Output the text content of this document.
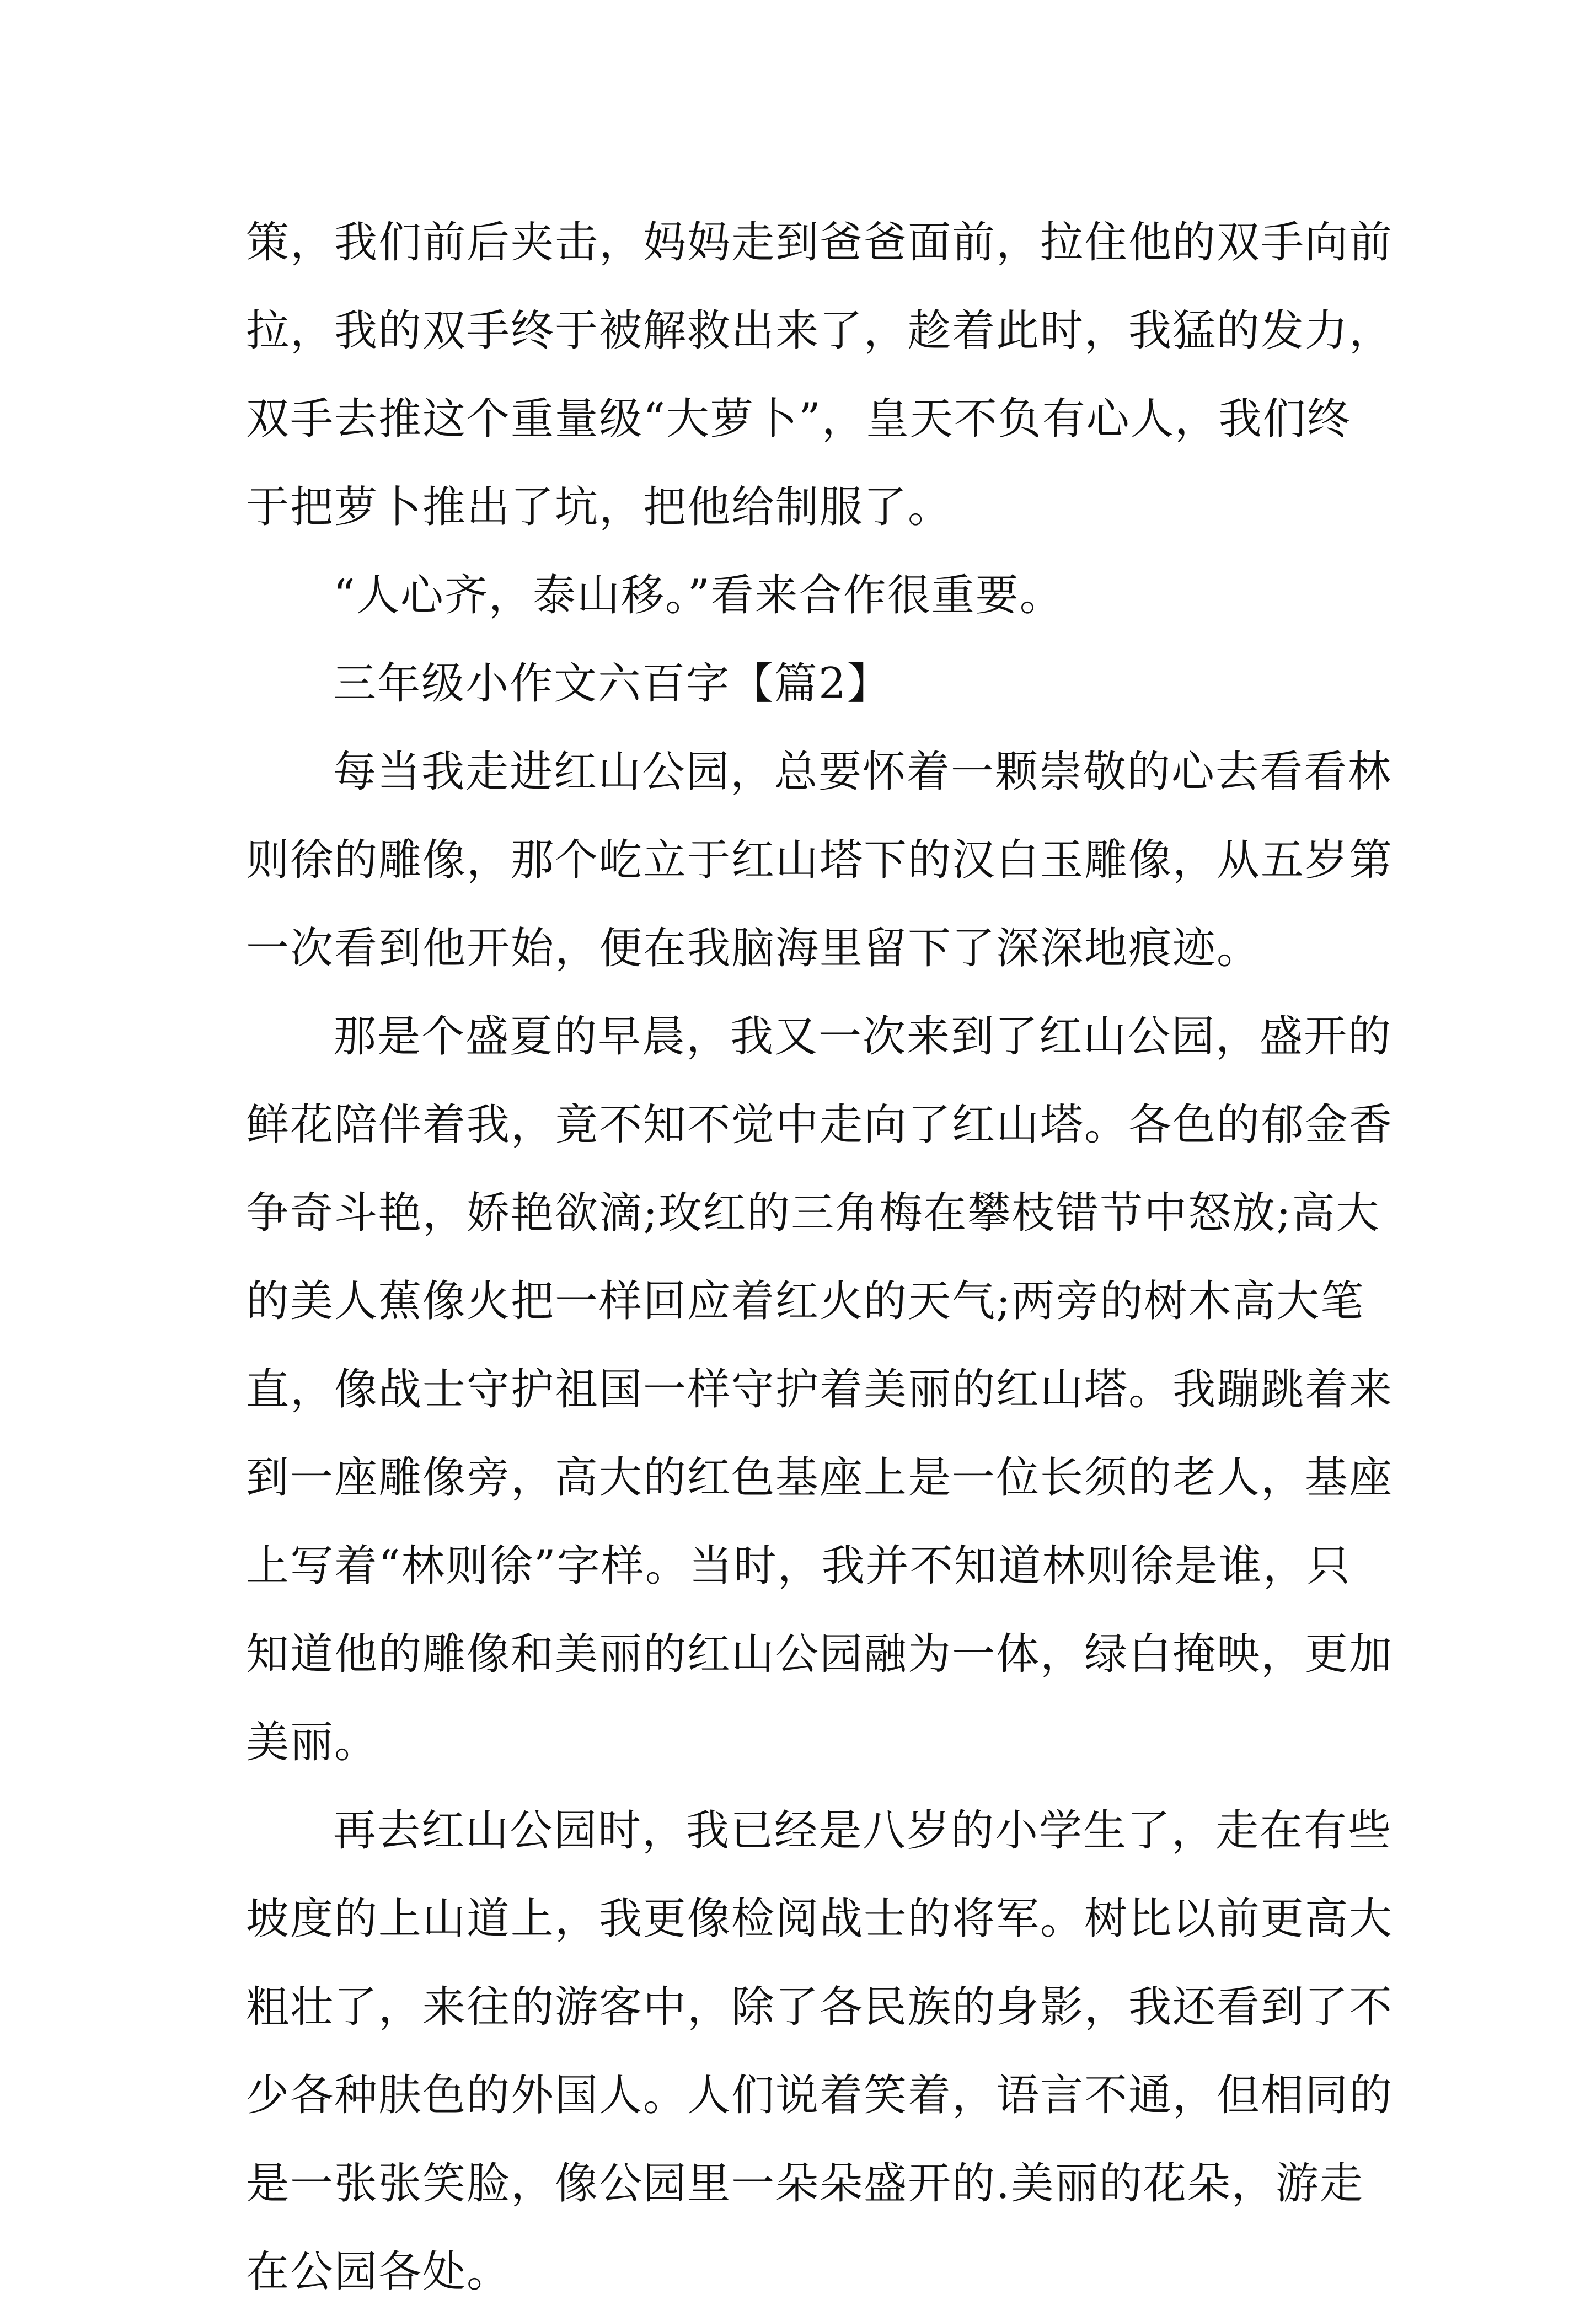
策，我们前后夹击，妈妈走到爸爸面前，拉住他的双手向前
拉，我的双手终于被解救出来了，趁着此时，我猛的发力，
双手去推这个重量级“大萝卜”，皇天不负有心人，我们终
于把萝卜推出了坑，把他给制服了。
“人心齐，泰山移。”看来合作很重要。
三年级小作文六百字【篇2】
每当我走进红山公园，总要怀着一颗崇敬的心去看看林
则徐的雕像，那个屹立于红山塔下的汉白玉雕像，从五岁第
一次看到他开始，便在我脑海里留下了深深地痕迹。
那是个盛夏的早晨，我又一次来到了红山公园，盛开的
鲜花陪伴着我，竟不知不觉中走向了红山塔。各色的郁金香
争奇斗艳，娇艳欲滴;玫红的三角梅在攀枝错节中怒放;高大
的美人蕉像火把一样回应着红火的天气;两旁的树木高大笔
直，像战士守护祖国一样守护着美丽的红山塔。我蹦跳着来
到一座雕像旁，高大的红色基座上是一位长须的老人，基座
上写着“林则徐”字样。当时，我并不知道林则徐是谁，只
知道他的雕像和美丽的红山公园融为一体，绿白掩映，更加
美丽。
再去红山公园时，我已经是八岁的小学生了，走在有些
坡度的上山道上，我更像检阅战士的将军。树比以前更高大
粗壮了，来往的游客中，除了各民族的身影，我还看到了不
少各种肤色的外国人。人们说着笑着，语言不通，但相同的
是一张张笑脸，像公园里一朵朵盛开的.美丽的花朵，游走
在公园各处。
